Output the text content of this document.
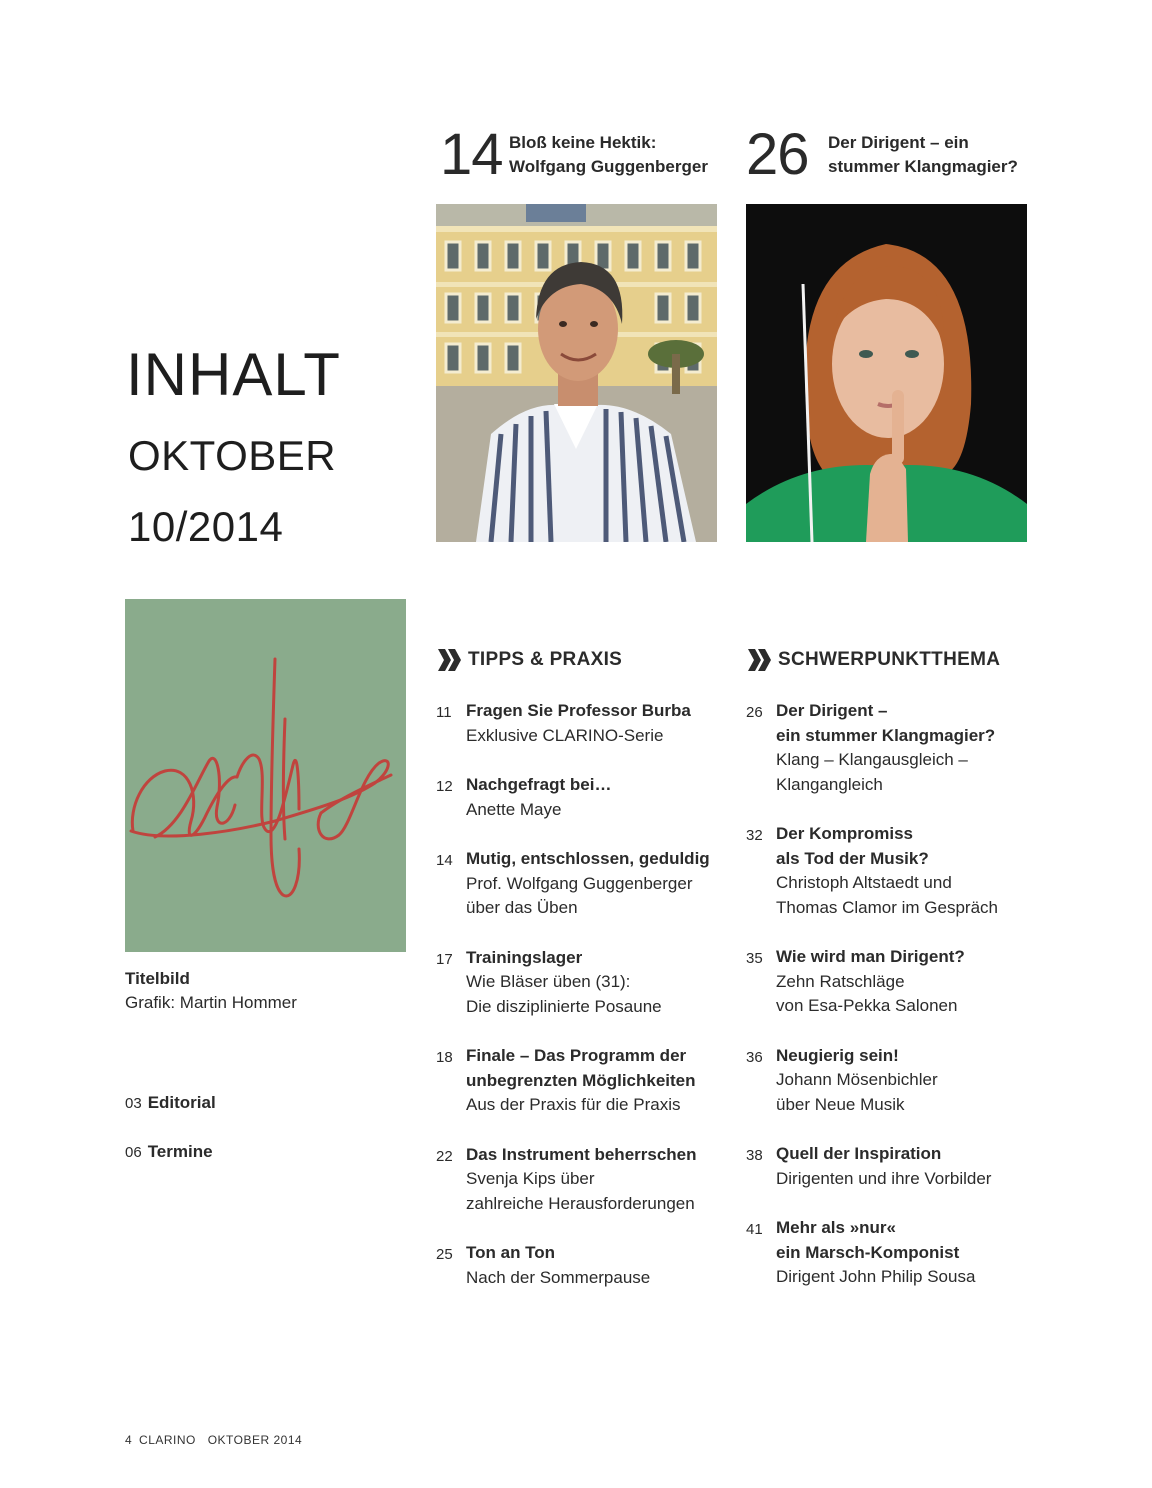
14 Bloß keine Hektik:
Wolfgang Guggenberger 26 Der Dirigent – ein
stummer Klangmagier?
INHALT
OKTOBER
10/2014
Titelbild
Grafik: Martin Hommer
03 Editorial
06 Termine
TIPPS & PRAXIS
11 Fragen Sie Professor Burba
Exklusive CLARINO-Serie
12 Nachgefragt bei…
Anette Maye
14 Mutig, entschlossen, geduldig
Prof. Wolfgang Guggenberger
über das Üben
17 Trainingslager
Wie Bläser üben (31):
Die disziplinierte Posaune
18 Finale – Das Programm der
unbegrenzten Möglichkeiten
Aus der Praxis für die Praxis
22 Das Instrument beherrschen
Svenja Kips über
zahlreiche Herausforderungen
25 Ton an Ton
Nach der Sommerpause
SCHWERPUNKTTHEMA
26 Der Dirigent –
ein stummer Klangmagier?
Klang – Klangausgleich –
Klangangleich
32 Der Kompromiss
als Tod der Musik?
Christoph Altstaedt und
Thomas Clamor im Gespräch
35 Wie wird man Dirigent?
Zehn Ratschläge
von Esa-Pekka Salonen
36 Neugierig sein!
Johann Mösenbichler
über Neue Musik
38 Quell der Inspiration
Dirigenten und ihre Vorbilder
41 Mehr als »nur«
ein Marsch-Komponist
Dirigent John Philip Sousa
4 CLARINO OKTOBER 2014
